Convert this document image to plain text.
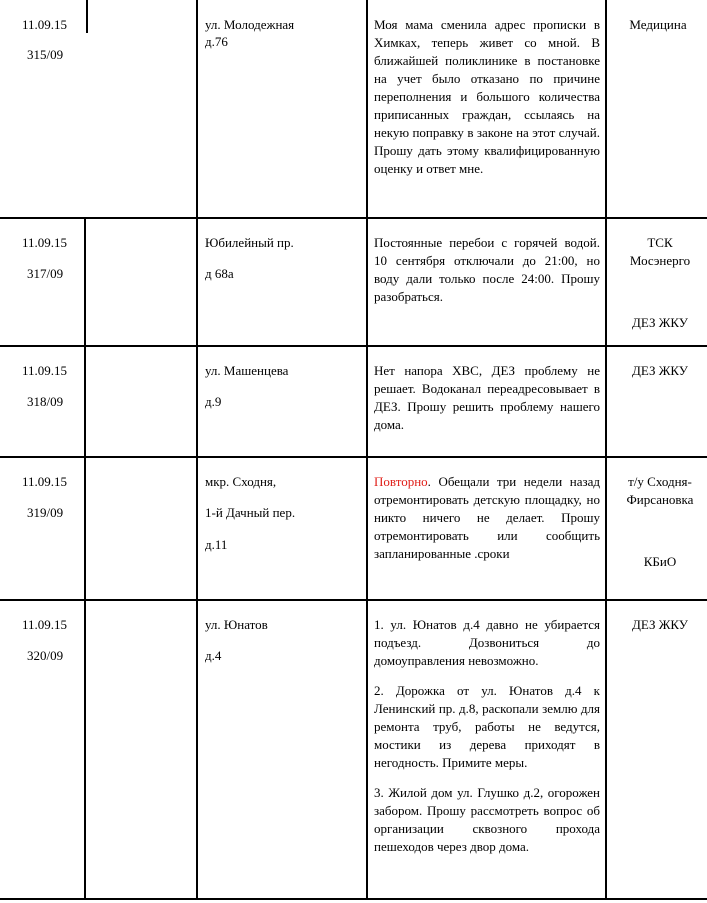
11.09.15
315/09
ул. Молодежная
д.76
Моя мама сменила адрес прописки в Химках, теперь живет со мной. В ближайшей поликлинике в постановке на учет было отказано по причине переполнения и большого количества приписанных граждан, ссылаясь на некую поправку в законе на этот случай. Прошу дать этому квалифицированную оценку и ответ мне.
Медицина
11.09.15
317/09
Юбилейный пр.
д 68а
Постоянные перебои с горячей водой. 10 сентября отключали до 21:00, но воду дали только после 24:00. Прошу разобраться.
ТСК Мосэнерго
ДЕЗ ЖКУ
11.09.15
318/09
ул. Машенцева
д.9
Нет напора ХВС, ДЕЗ проблему не решает. Водоканал переадресовывает в ДЕЗ. Прошу решить проблему нашего дома.
ДЕЗ ЖКУ
11.09.15
319/09
мкр. Сходня,
1-й Дачный пер.
д.11
Повторно. Обещали три недели назад отремонтировать детскую площадку, но никто ничего не делает. Прошу отремонтировать или сообщить запланированные .сроки
т/у Сходня-Фирсановка
КБиО
11.09.15
320/09
ул. Юнатов
д.4

1. ул. Юнатов д.4 давно не убирается подъезд. Дозвониться до домоуправления невозможно.

2. Дорожка от ул. Юнатов д.4 к Ленинский пр. д.8, раскопали землю для ремонта труб, работы не ведутся, мостики из дерева приходят в негодность. Примите меры.

3. Жилой дом ул. Глушко д.2, огорожен забором. Прошу рассмотреть вопрос об организации сквозного прохода пешеходов через двор дома.

ДЕЗ ЖКУ
